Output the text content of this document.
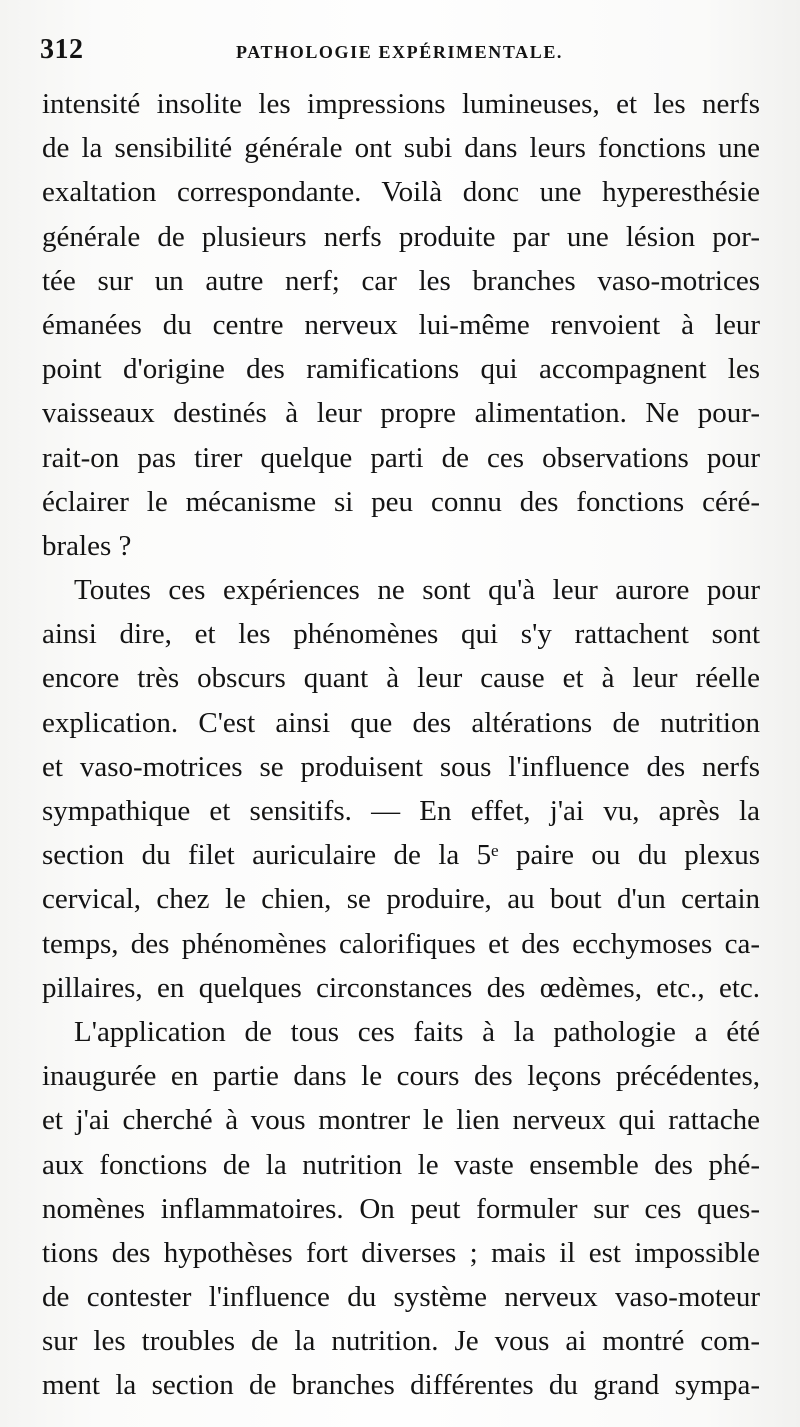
312	PATHOLOGIE EXPÉRIMENTALE.
intensité insolite les impressions lumineuses, et les nerfs
de la sensibilité générale ont subi dans leurs fonctions une
exaltation correspondante. Voilà donc une hyperesthésie
générale de plusieurs nerfs produite par une lésion por-
tée sur un autre nerf; car les branches vaso-motrices
émanées du centre nerveux lui-même renvoient à leur
point d'origine des ramifications qui accompagnent les
vaisseaux destinés à leur propre alimentation. Ne pour-
rait-on pas tirer quelque parti de ces observations pour
éclairer le mécanisme si peu connu des fonctions céré-
brales ?
Toutes ces expériences ne sont qu'à leur aurore pour
ainsi dire, et les phénomènes qui s'y rattachent sont
encore très obscurs quant à leur cause et à leur réelle
explication. C'est ainsi que des altérations de nutrition
et vaso-motrices se produisent sous l'influence des nerfs
sympathique et sensitifs. — En effet, j'ai vu, après la
section du filet auriculaire de la 5ᵉ paire ou du plexus
cervical, chez le chien, se produire, au bout d'un certain
temps, des phénomènes calorifiques et des ecchymoses ca-
pillaires, en quelques circonstances des œdèmes, etc., etc.
L'application de tous ces faits à la pathologie a été
inaugurée en partie dans le cours des leçons précédentes,
et j'ai cherché à vous montrer le lien nerveux qui rattache
aux fonctions de la nutrition le vaste ensemble des phé-
nomènes inflammatoires. On peut formuler sur ces ques-
tions des hypothèses fort diverses ; mais il est impossible
de contester l'influence du système nerveux vaso-moteur
sur les troubles de la nutrition. Je vous ai montré com-
ment la section de branches différentes du grand sympa-
